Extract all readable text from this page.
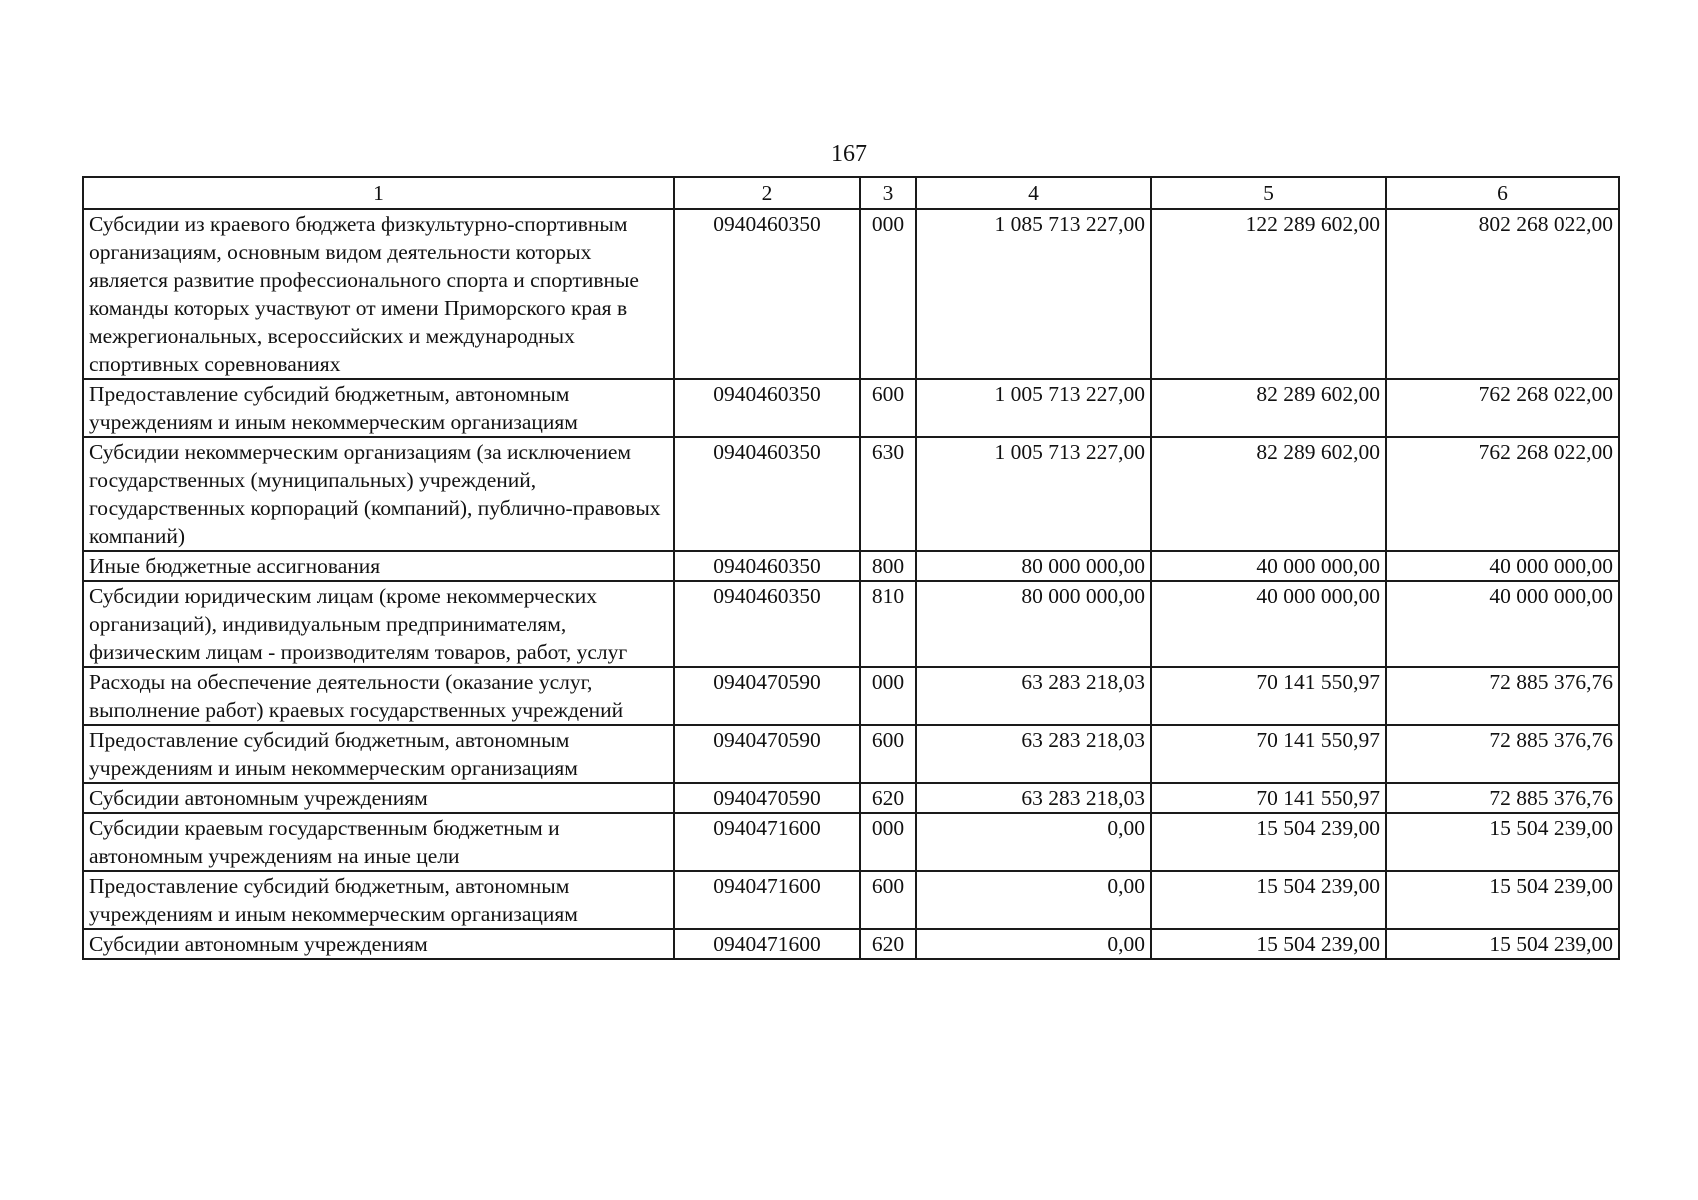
167
1	2	3	4	5	6
Субсидии из краевого бюджета физкультурно-спортивным организациям, основным видом деятельности которых является развитие профессионального спорта и спортивные команды которых участвуют от имени Приморского края в межрегиональных, всероссийских и международных спортивных соревнованиях	0940460350	000	1 085 713 227,00	122 289 602,00	802 268 022,00
Предоставление субсидий бюджетным, автономным учреждениям и иным некоммерческим организациям	0940460350	600	1 005 713 227,00	82 289 602,00	762 268 022,00
Субсидии некоммерческим организациям (за исключением государственных (муниципальных) учреждений, государственных корпораций (компаний), публично-правовых компаний)	0940460350	630	1 005 713 227,00	82 289 602,00	762 268 022,00
Иные бюджетные ассигнования	0940460350	800	80 000 000,00	40 000 000,00	40 000 000,00
Субсидии юридическим лицам (кроме некоммерческих организаций), индивидуальным предпринимателям, физическим лицам - производителям товаров, работ, услуг	0940460350	810	80 000 000,00	40 000 000,00	40 000 000,00
Расходы на обеспечение деятельности (оказание услуг, выполнение работ) краевых государственных учреждений	0940470590	000	63 283 218,03	70 141 550,97	72 885 376,76
Предоставление субсидий бюджетным, автономным учреждениям и иным некоммерческим организациям	0940470590	600	63 283 218,03	70 141 550,97	72 885 376,76
Субсидии автономным учреждениям	0940470590	620	63 283 218,03	70 141 550,97	72 885 376,76
Субсидии краевым государственным бюджетным и автономным учреждениям на иные цели	0940471600	000	0,00	15 504 239,00	15 504 239,00
Предоставление субсидий бюджетным, автономным учреждениям и иным некоммерческим организациям	0940471600	600	0,00	15 504 239,00	15 504 239,00
Субсидии автономным учреждениям	0940471600	620	0,00	15 504 239,00	15 504 239,00
